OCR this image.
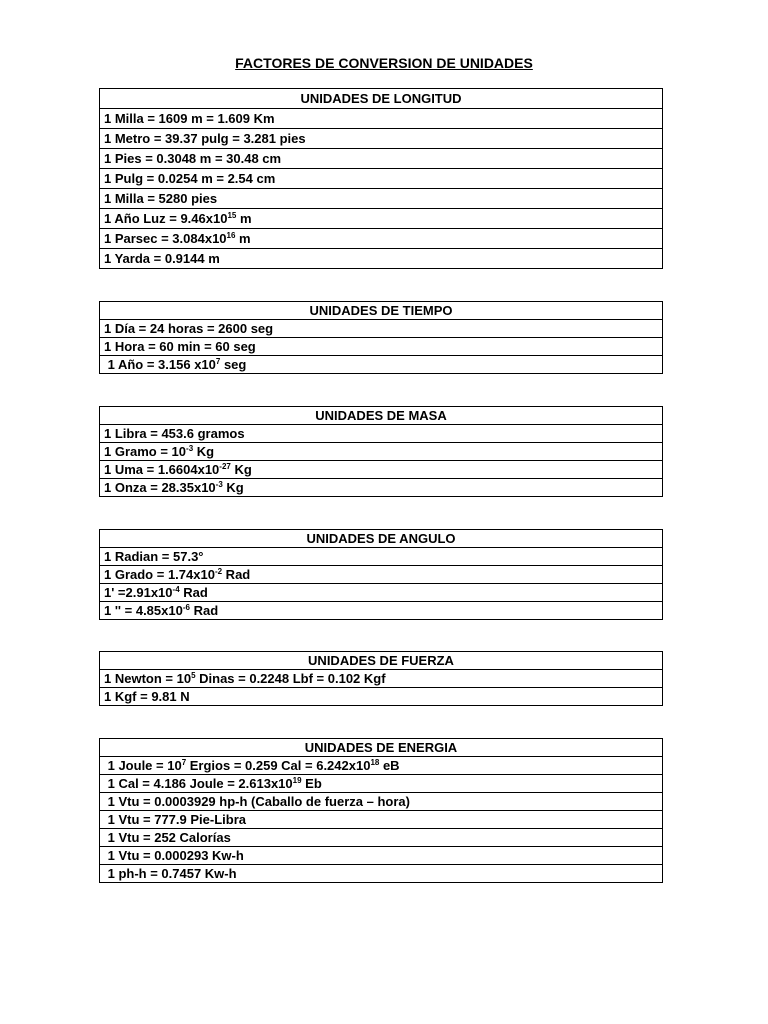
FACTORES DE CONVERSION DE UNIDADES
UNIDADES DE LONGITUD
1 Milla = 1609 m = 1.609 Km
1 Metro = 39.37 pulg = 3.281 pies
1 Pies = 0.3048 m = 30.48 cm
1 Pulg = 0.0254 m = 2.54 cm
1 Milla = 5280 pies
1 Año Luz = $9.46x10^{15}$ m
1 $Parsec = 3.084x10^{16}$ m
1 Yarda = 0.9144 m
UNIDADES DE TIEMPO
1 Día = 24 horas = 2600 seg
1 Hora = 60 min = 60 seg
1 Año = 3.156 $x10^7$ seg
UNIDADES DE MASA
1 Libra = 453.6 gramos
1 Gramo = $10^{-3}$ Kg
1 Uma = $1.6604x10^{-27}$ Kg
1 Onza = $28.35x10^{-3}$ Kg
UNIDADES DE ANGULO
1 Radian = 57.3°
1 Grado = $1.74x10^{-2}$ Rad
$1' =2.91x10^{-4}$ Rad
1 '' = $4.85x10^{-6}$ Rad
UNIDADES DE FUERZA
1 Newton = $10^5$ Dinas = 0.2248 Lbf = 0.102 Kgf
1 Kgf = 9.81 N
UNIDADES DE ENERGIA
1 Joule = $10^7$ Ergios = 0.259 Cal = $6.242x10^{18}$ eB
1 Cal = 4.186 Joule = $2.613x10^{19}$ Eb
1 Vtu = 0.0003929 hp-h (Caballo de fuerza – hora)
1 Vtu = 777.9 Pie-Libra
1 Vtu = 252 Calorías
1 Vtu = 0.000293 Kw-h
1 ph-h = 0.7457 Kw-h
